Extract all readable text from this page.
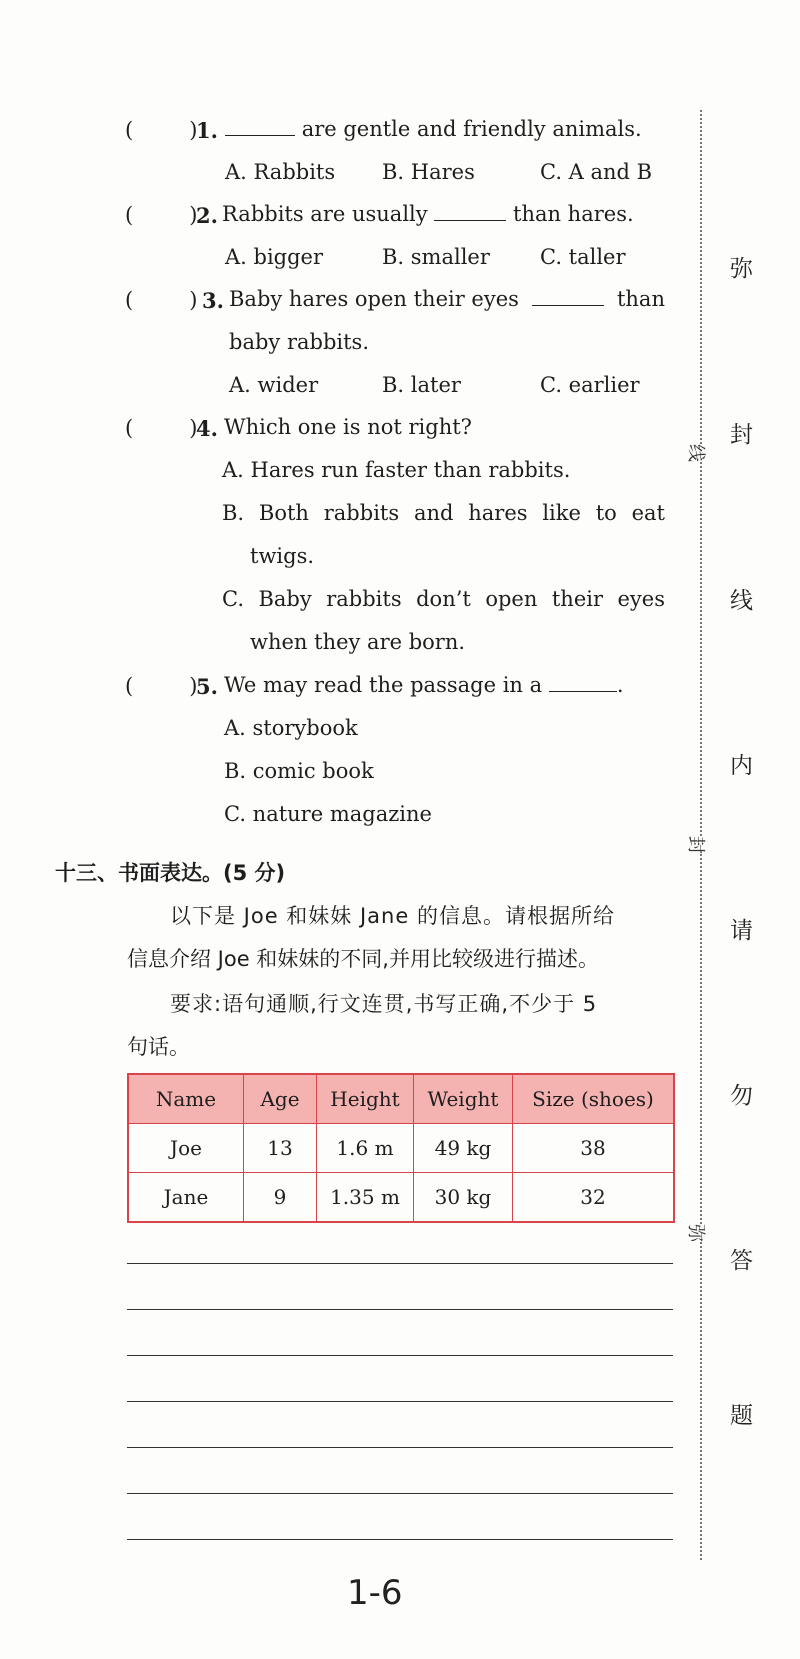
(	)
1.	are gentle and friendly animals.
A. Rabbits B. Hares	C. A and B
(	)
2. Rabbits are usually	than hares.
A. bigger	B. smaller C. taller
(	) 3. Baby hares open their eyes	than
baby rabbits.
A. wider	B. later	C. earlier
(	)
4. Which one is not right?
A. Hares run faster than rabbits.
B. Both rabbits and hares like to eat
twigs.
C. Baby rabbits don’t open their eyes
when they are born.
(	)
5. We may read the passage in a	.
A. storybook
B. comic book
C. nature magazine
十三、书面表达。(5 分)
以下是 Joe 和妹妹 Jane 的信息。请根据所给
信息介绍 Joe 和妹妹的不同,并用比较级进行描述。
要求:语句通顺,行文连贯,书写正确,不少于 5
句话。
Name	Age	Height	Weight	Size (shoes)
Joe	13	1.6 m	49 kg	38
Jane	9	1.35 m	30 kg	32
线
封
弥
弥
封
线
内
请
勿
答
题
1-6
